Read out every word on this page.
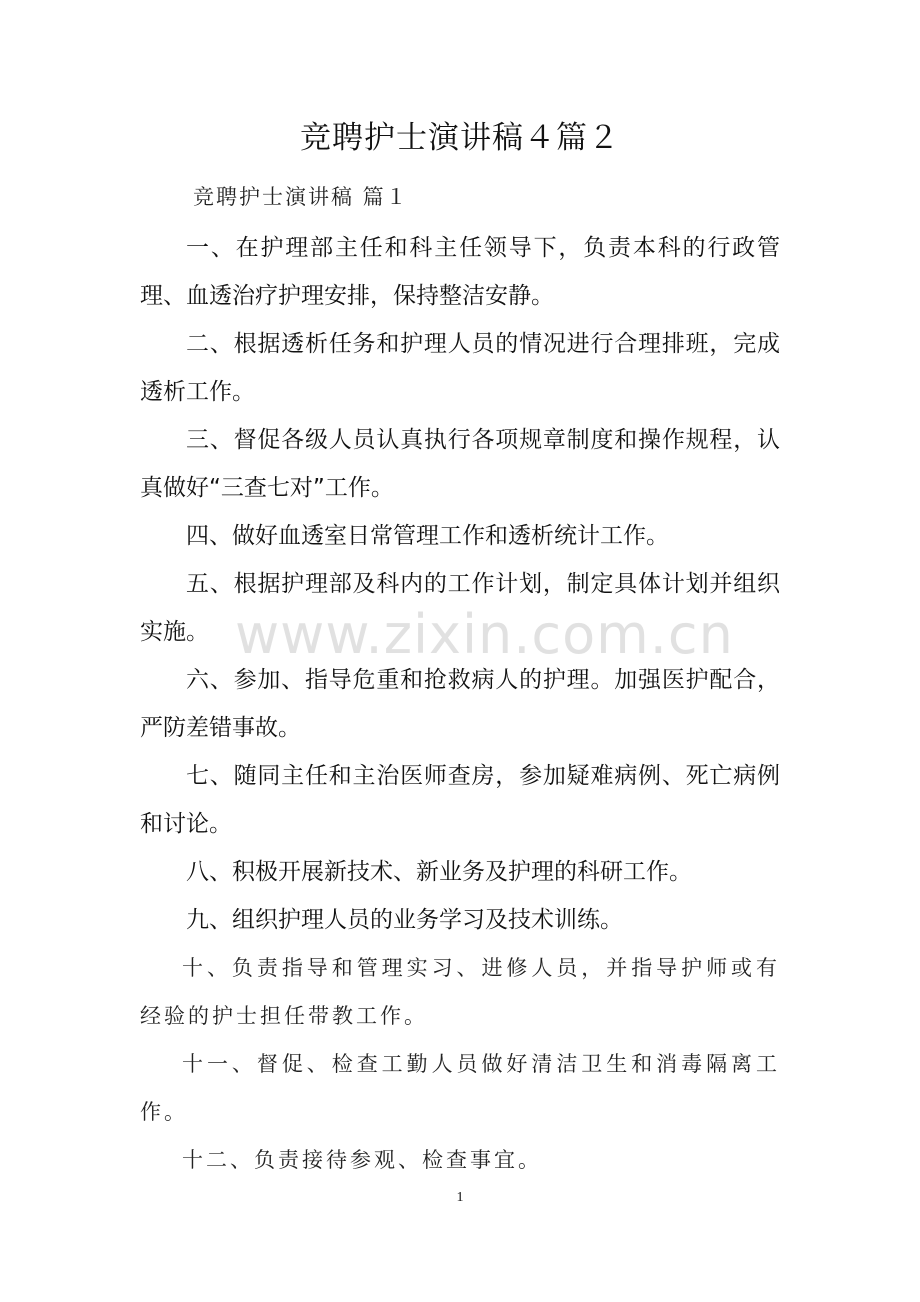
竞聘护士演讲稿４篇２
竞聘护士演讲稿 篇１

一、在护理部主任和科主任领导下，负责本科的行政管理、血透治疗护理安排，保持整洁安静。

二、根据透析任务和护理人员的情况进行合理排班，完成透析工作。

三、督促各级人员认真执行各项规章制度和操作规程，认真做好“三查七对”工作。

四、做好血透室日常管理工作和透析统计工作。

五、根据护理部及科内的工作计划，制定具体计划并组织实施。

六、参加、指导危重和抢救病人的护理。加强医护配合，严防差错事故。

七、随同主任和主治医师查房，参加疑难病例、死亡病例和讨论。

八、积极开展新技术、新业务及护理的科研工作。

九、组织护理人员的业务学习及技术训练。

十、负责指导和管理实习、进修人员，并指导护师或有经验的护士担任带教工作。

十一、督促、检查工勤人员做好清洁卫生和消毒隔离工作。

十二、负责接待参观、检查事宜。

www.zixin.com.cn
1
